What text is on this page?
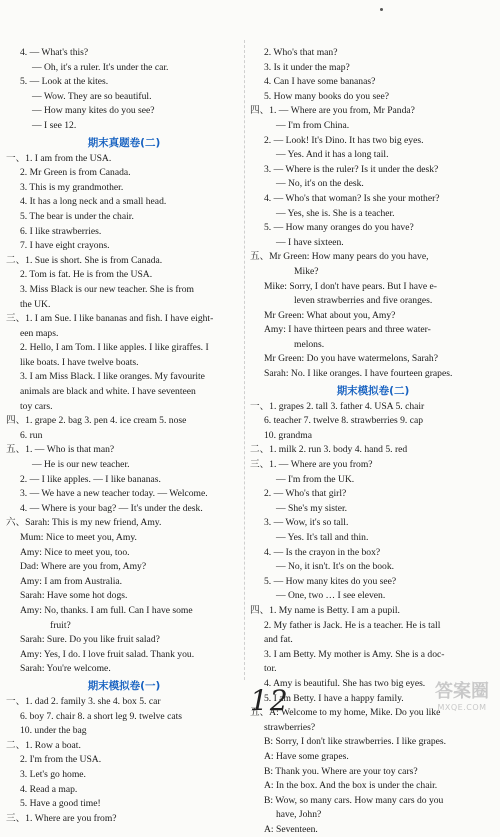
4. — What's this?
— Oh, it's a ruler. It's under the car.
5. — Look at the kites.
— Wow. They are so beautiful.
— How many kites do you see?
— I see 12.
期末真题卷(二)
一、1. I am from the USA.
2. Mr Green is from Canada.
3. This is my grandmother.
4. It has a long neck and a small head.
5. The bear is under the chair.
6. I like strawberries.
7. I have eight crayons.
二、1. Sue is short. She is from Canada.
2. Tom is fat. He is from the USA.
3. Miss Black is our new teacher. She is from
the UK.
三、1. I am Sue. I like bananas and fish. I have eight-
een maps.
2. Hello, I am Tom. I like apples. I like giraffes. I
like boats. I have twelve boats.
3. I am Miss Black. I like oranges. My favourite
animals are black and white. I have seventeen
toy cars.
四、1. grape 2. bag 3. pen 4. ice cream 5. nose
6. run
五、1. — Who is that man?
— He is our new teacher.
2. — I like apples. — I like bananas.
3. — We have a new teacher today. — Welcome.
4. — Where is your bag? — It's under the desk.
六、Sarah: This is my new friend, Amy.
Mum: Nice to meet you, Amy.
Amy: Nice to meet you, too.
Dad: Where are you from, Amy?
Amy: I am from Australia.
Sarah: Have some hot dogs.
Amy: No, thanks. I am full. Can I have some
fruit?
Sarah: Sure. Do you like fruit salad?
Amy: Yes, I do. I love fruit salad. Thank you.
Sarah: You're welcome.
期末模拟卷(一)
一、1. dad 2. family 3. she 4. box 5. car
6. boy 7. chair 8. a short leg 9. twelve cats
10. under the bag
二、1. Row a boat.
2. I'm from the USA.
3. Let's go home.
4. Read a map.
5. Have a good time!
三、1. Where are you from?
2. Who's that man?
3. Is it under the map?
4. Can I have some bananas?
5. How many books do you see?
四、1. — Where are you from, Mr Panda?
— I'm from China.
2. — Look! It's Dino. It has two big eyes.
— Yes. And it has a long tail.
3. — Where is the ruler? Is it under the desk?
— No, it's on the desk.
4. — Who's that woman? Is she your mother?
— Yes, she is. She is a teacher.
5. — How many oranges do you have?
— I have sixteen.
五、Mr Green: How many pears do you have,
Mike?
Mike: Sorry, I don't have pears. But I have e-
leven strawberries and five oranges.
Mr Green: What about you, Amy?
Amy: I have thirteen pears and three water-
melons.
Mr Green: Do you have watermelons, Sarah?
Sarah: No. I like oranges. I have fourteen grapes.
期末模拟卷(二)
一、1. grapes 2. tall 3. father 4. USA 5. chair
6. teacher 7. twelve 8. strawberries 9. cap
10. grandma
二、1. milk 2. run 3. body 4. hand 5. red
三、1. — Where are you from?
— I'm from the UK.
2. — Who's that girl?
— She's my sister.
3. — Wow, it's so tall.
— Yes. It's tall and thin.
4. — Is the crayon in the box?
— No, it isn't. It's on the book.
5. — How many kites do you see?
— One, two … I see eleven.
四、1. My name is Betty. I am a pupil.
2. My father is Jack. He is a teacher. He is tall
and fat.
3. I am Betty. My mother is Amy. She is a doc-
tor.
4. Amy is beautiful. She has two big eyes.
5. I am Betty. I have a happy family.
五、A: Welcome to my home, Mike. Do you like
strawberries?
B: Sorry, I don't like strawberries. I like grapes.
A: Have some grapes.
B: Thank you. Where are your toy cars?
A: In the box. And the box is under the chair.
B: Wow, so many cars. How many cars do you
have, John?
A: Seventeen.
12	答案圈
MXQE.COM
